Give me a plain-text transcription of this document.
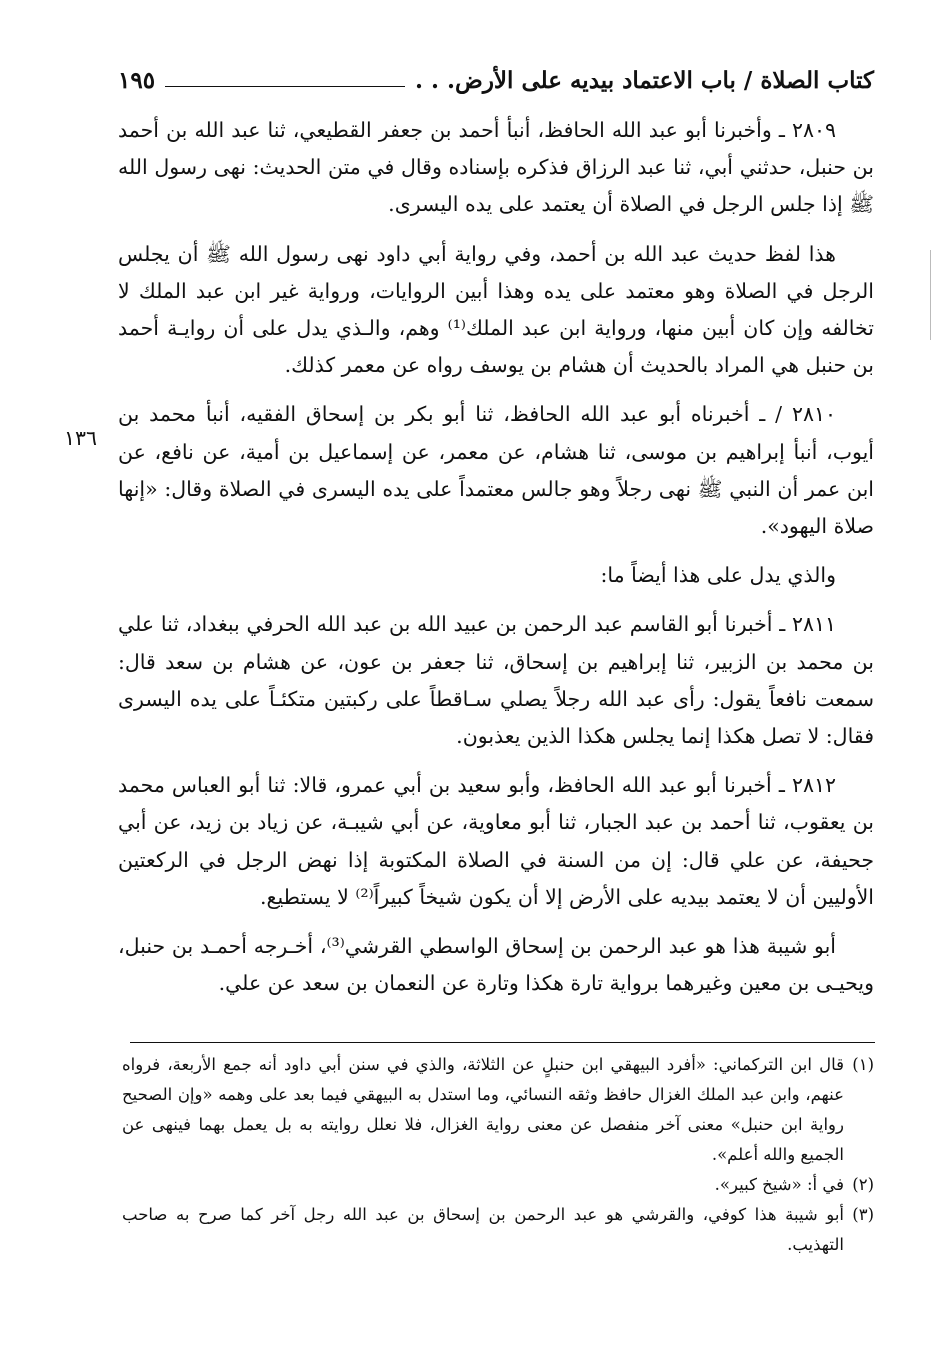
كتاب الصلاة / باب الاعتماد بيديه على الأرض. . .
١٩٥
١٣٦

٢٨٠٩ ـ وأخبرنا أبو عبد الله الحافظ، أنبأ أحمد بن جعفر القطيعي، ثنا عبد الله بن أحمد بن حنبل، حدثني أبي، ثنا عبد الرزاق فذكره بإسناده وقال في متن الحديث: نهى رسول الله ﷺ إذا جلس الرجل في الصلاة أن يعتمد على يده اليسرى.

هذا لفظ حديث عبد الله بن أحمد، وفي رواية أبي داود نهى رسول الله ﷺ أن يجلس الرجل في الصلاة وهو معتمد على يده وهذا أبين الروايات، ورواية غير ابن عبد الملك لا تخالفه وإن كان أبين منها، ورواية ابن عبد الملك⁽¹⁾ وهم، والـذي يدل على أن روايـة أحمد بن حنبل هي المراد بالحديث أن هشام بن يوسف رواه عن معمر كذلك.

٢٨١٠ / ـ أخبرناه أبو عبد الله الحافظ، ثنا أبو بكر بن إسحاق الفقيه، أنبأ محمد بن أيوب، أنبأ إبراهيم بن موسى، ثنا هشام، عن معمر، عن إسماعيل بن أمية، عن نافع، عن ابن عمر أن النبي ﷺ نهى رجلاً وهو جالس معتمداً على يده اليسرى في الصلاة وقال: «إنها صلاة اليهود».

والذي يدل على هذا أيضاً ما:

٢٨١١ ـ أخبرنا أبو القاسم عبد الرحمن بن عبيد الله بن عبد الله الحرفي ببغداد، ثنا علي بن محمد بن الزبير، ثنا إبراهيم بن إسحاق، ثنا جعفر بن عون، عن هشام بن سعد قال: سمعت نافعاً يقول: رأى عبد الله رجلاً يصلي سـاقطاً على ركبتين متكئـاً على يده اليسرى فقال: لا تصل هكذا إنما يجلس هكذا الذين يعذبون.

٢٨١٢ ـ أخبرنا أبو عبد الله الحافظ، وأبو سعيد بن أبي عمرو، قالا: ثنا أبو العباس محمد بن يعقوب، ثنا أحمد بن عبد الجبار، ثنا أبو معاوية، عن أبي شيبـة، عن زياد بن زيد، عن أبي جحيفة، عن علي قال: إن من السنة في الصلاة المكتوبة إذا نهض الرجل في الركعتين الأوليين أن لا يعتمد بيديه على الأرض إلا أن يكون شيخاً كبيراً⁽²⁾ لا يستطيع.

أبو شيبة هذا هو عبد الرحمن بن إسحاق الواسطي القرشي⁽³⁾، أخـرجه أحمـد بن حنبل، ويحيـى بن معين وغيرهما برواية تارة هكذا وتارة عن النعمان بن سعد عن علي.

(١)
قال ابن التركماني: «أفرد البيهقي ابن حنبلٍ عن الثلاثة، والذي في سنن أبي داود أنه جمع الأربعة، فرواه عنهم، وابن عبد الملك الغزال حافظ وثقه النسائي، وما استدل به البيهقي فيما بعد على وهمه «وإن الصحيح رواية ابن حنبل» معنى آخر منفصل عن معنى رواية الغزال، فلا نعلل روايته به بل يعمل بهما فينهى عن الجميع والله أعلم».

(٢)
في أ: «شيخ كبير».

(٣)
أبو شيبة هذا كوفي، والقرشي هو عبد الرحمن بن إسحاق بن عبد الله رجل آخر كما صرح به صاحب التهذيب.
